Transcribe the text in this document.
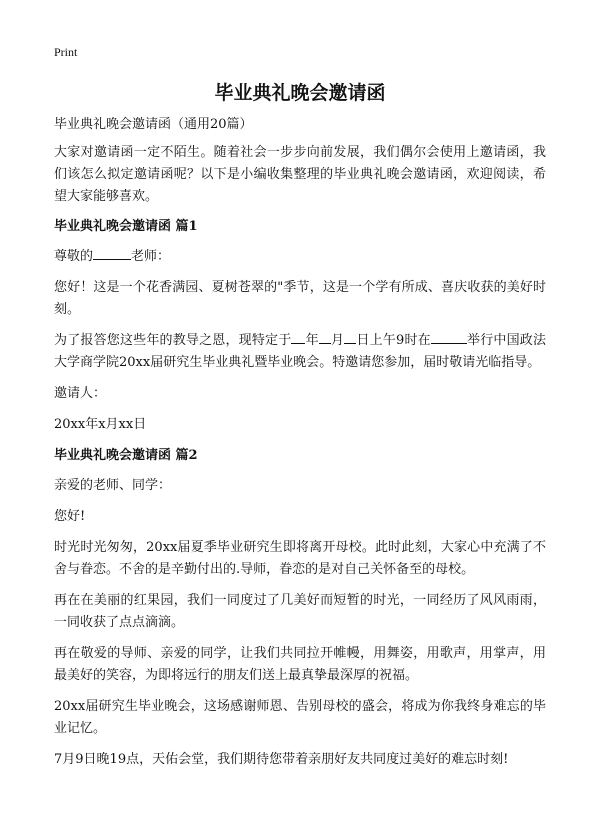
Print
毕业典礼晚会邀请函

毕业典礼晚会邀请函（通用20篇）

大家对邀请函一定不陌生。随着社会一步步向前发展，我们偶尔会使用上邀请函，我们该怎么拟定邀请函呢？以下是小编收集整理的毕业典礼晚会邀请函，欢迎阅读，希望大家能够喜欢。

毕业典礼晚会邀请函 篇1

尊敬的	老师：

您好！这是一个花香满园、夏树苍翠的"季节，这是一个学有所成、喜庆收获的美好时刻。

为了报答您这些年的教导之恩，现特定于 年 月 日上午9时在	举行中国政法大学商学院20xx届研究生毕业典礼暨毕业晚会。特邀请您参加，届时敬请光临指导。

邀请人：

20xx年x月xx日

毕业典礼晚会邀请函 篇2

亲爱的老师、同学：

您好!

时光时光匆匆，20xx届夏季毕业研究生即将离开母校。此时此刻，大家心中充满了不舍与眷恋。不舍的是辛勤付出的.导师，眷恋的是对自己关怀备至的母校。

再在在美丽的红果园，我们一同度过了几美好而短暂的时光，一同经历了风风雨雨，一同收获了点点滴滴。

再在敬爱的导师、亲爱的同学，让我们共同拉开帷幔，用舞姿，用歌声，用掌声，用最美好的笑容，为即将远行的朋友们送上最真挚最深厚的祝福。

20xx届研究生毕业晚会，这场感谢师恩、告别母校的盛会，将成为你我终身难忘的毕业记忆。

7月9日晚19点，天佑会堂，我们期待您带着亲朋好友共同度过美好的难忘时刻!
